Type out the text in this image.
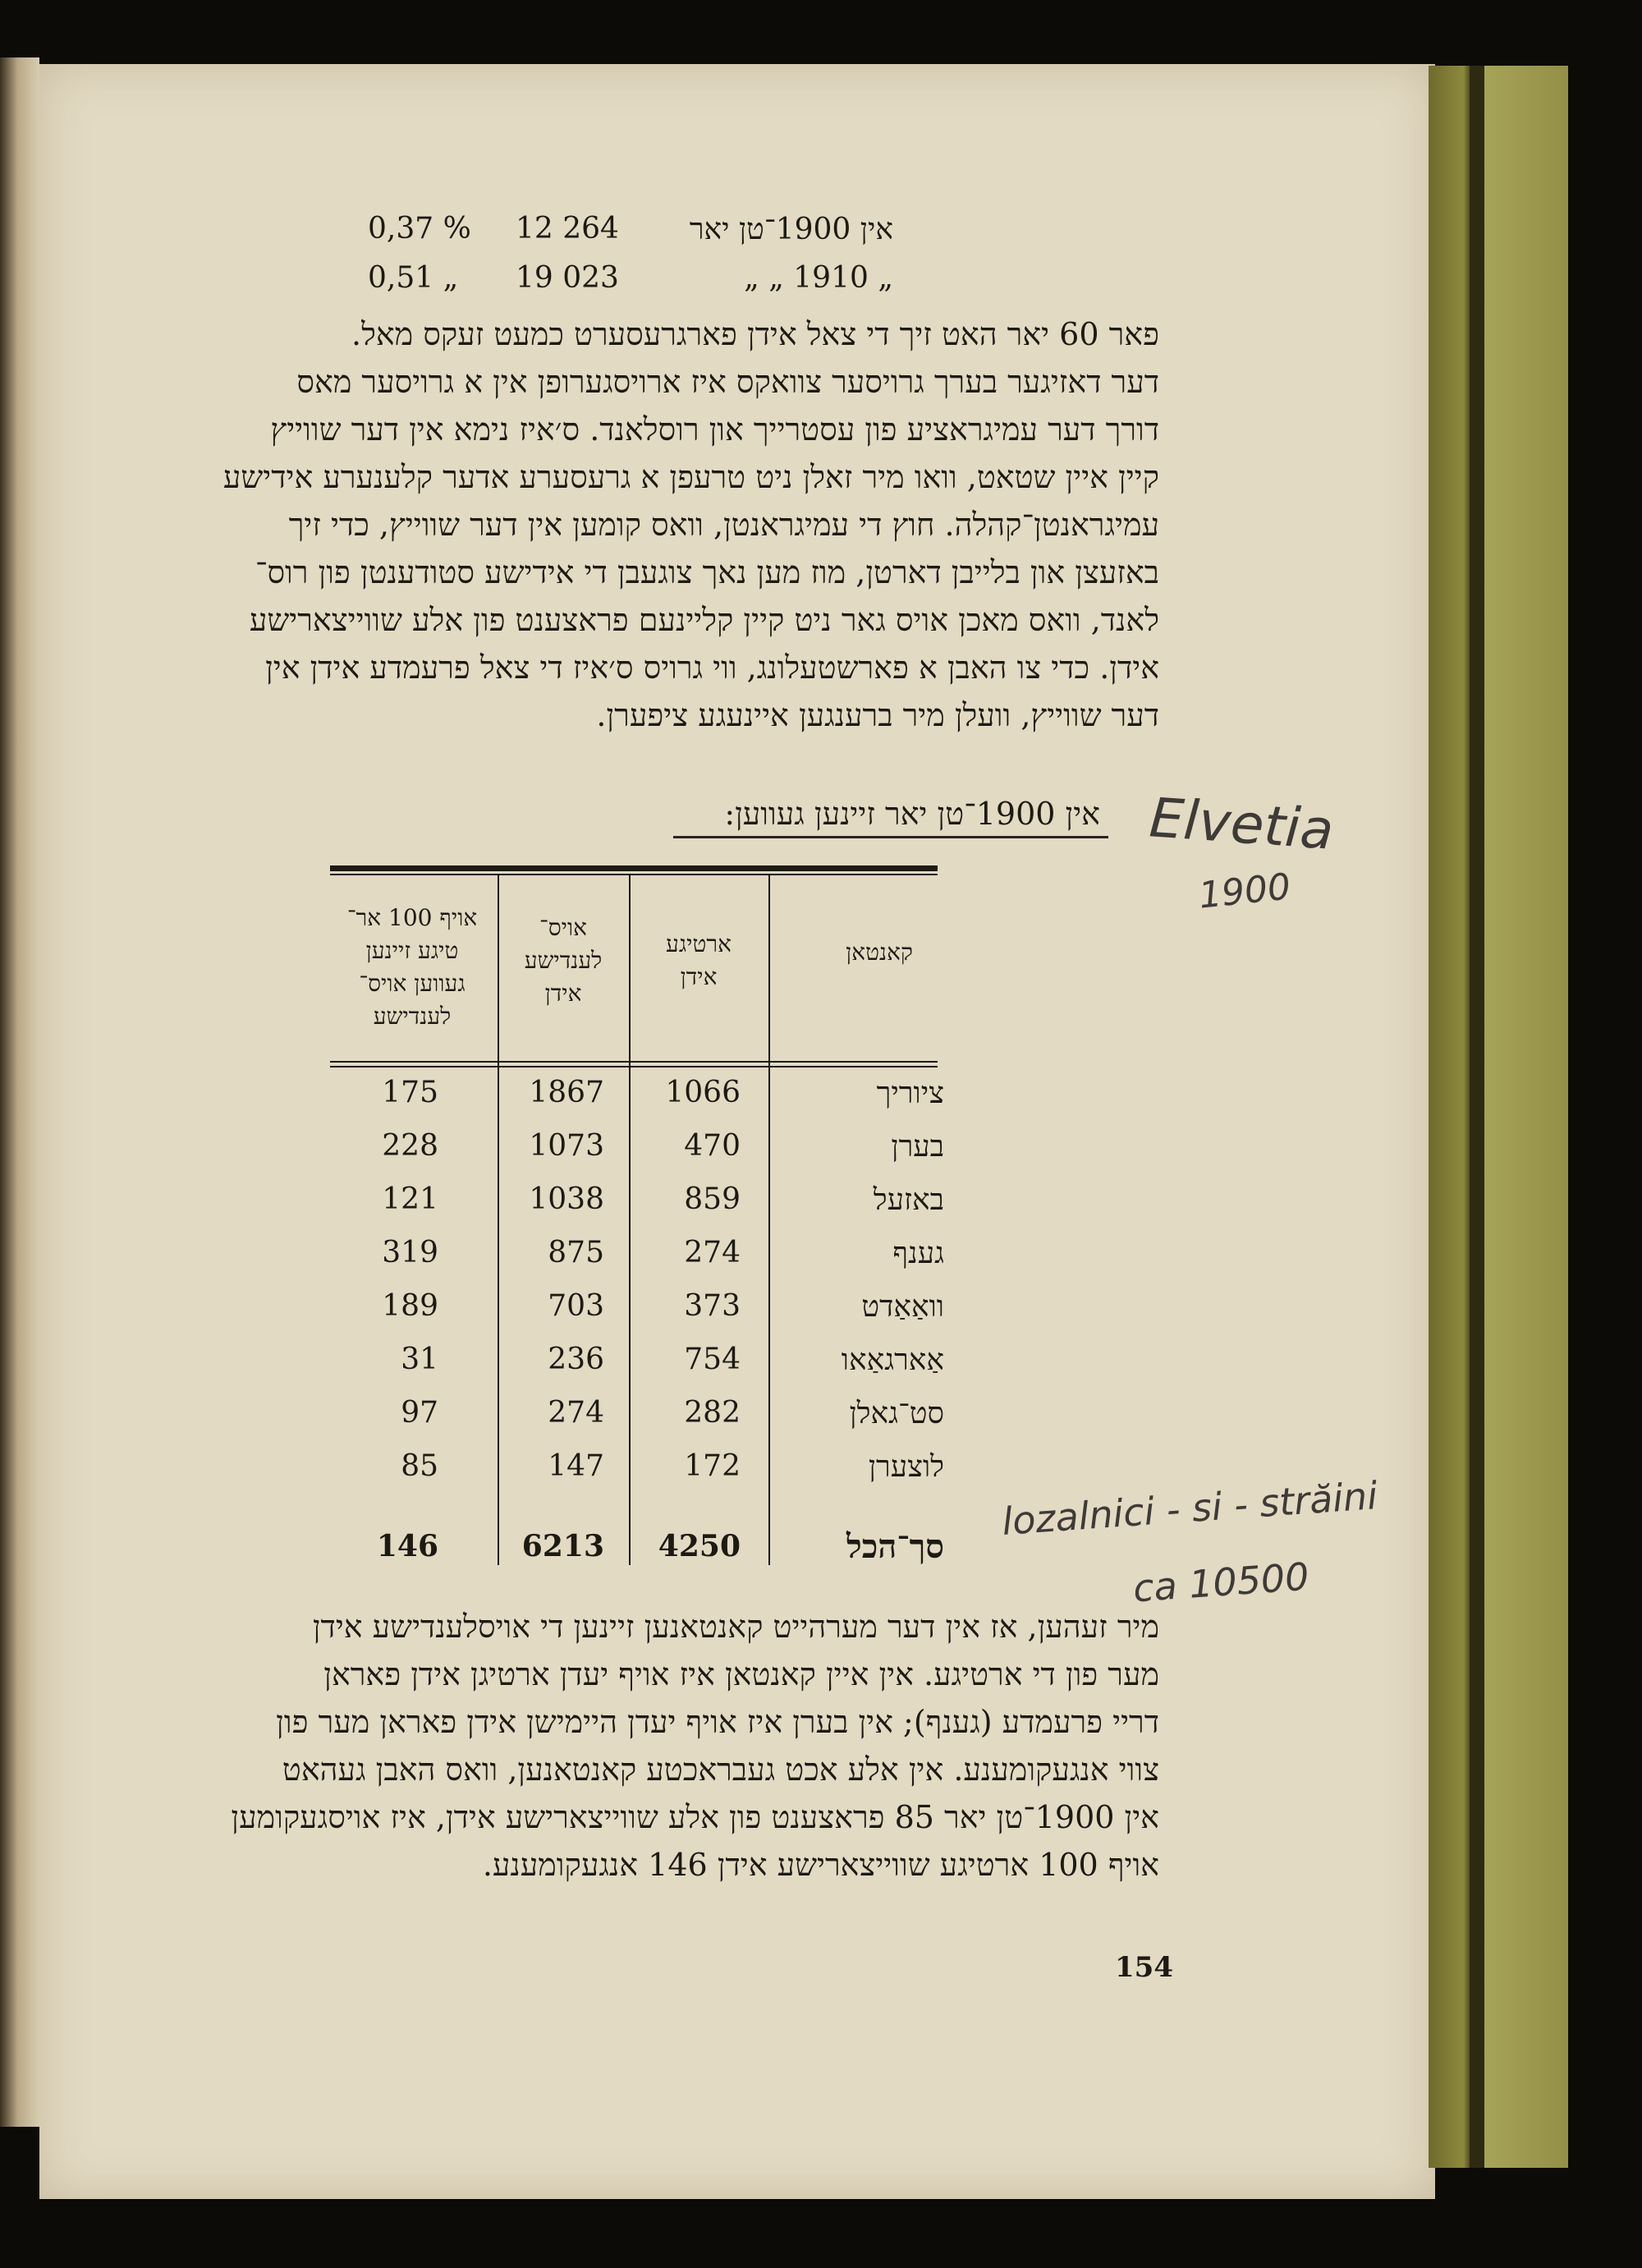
0,37 % 12 264 אין 1900־טן יאר
0,51 „ 19 023	„ 1910 „ „
פאר 60 יאר האט זיך די צאל אידן פארגרעסערט כמעט זעקס מאל.
דער דאזיגער בערך גרויסער צוואקס איז ארויסגערופן אין א גרויסער מאס
דורך דער עמיגראציע פון עסטרייך און רוסלאנד. ס׳איז נימא אין דער שווייץ
קיין איין שטאט, וואו מיר זאלן ניט טרעפן א גרעסערע אדער קלענערע אידישע
עמיגראנטן־קהלה. חוץ די עמיגראנטן, וואס קומען אין דער שווייץ, כדי זיך
באזעצן און בלייבן דארטן, מוז מען נאך צוגעבן די אידישע סטודענטן פון רוס־
לאנד, וואס מאכן אויס גאר ניט קיין קליינעם פראצענט פון אלע שווייצארישע
אידן. כדי צו האבן א פארשטעלונג, ווי גרויס ס׳איז די צאל פרעמדע אידן אין
דער שווייץ, וועלן מיר ברענגען איינעגע ציפערן.
אין 1900־טן יאר זיינען געווען: Elvetia
1900
lozalnici - si - străini
ca 10500
קאנטאן
ארטיגע
אידן
אויס־
לענדישע
אידן
אויף 100 אר־
טיגע זיינען
געווען אויס־
לענדישע
ציוריך
1066
1867
175
בערן
470
1073
228
באזעל
859
1038
121
גענף
274
875
319
וואַאַדט
373
703
189
אַארגאַאו
754
236
31
סט־גאלן
282
274
97
לוצערן
172
147
85
סך־הכל
4250
6213
146
מיר זעהען, אז אין דער מערהייט קאנטאנען זיינען די אויסלענדישע אידן
מער פון די ארטיגע. אין איין קאנטאן איז אויף יעדן ארטיגן אידן פאראן
דריי פרעמדע (גענף); אין בערן איז אויף יעדן היימישן אידן פאראן מער פון
צווי אנגעקומענע. אין אלע אכט געבראכטע קאנטאנען, וואס האבן געהאט
אין 1900־טן יאר 85 פראצענט פון אלע שווייצארישע אידן, איז אויסגעקומען
אויף 100 ארטיגע שווייצארישע אידן 146 אנגעקומענע.
154
